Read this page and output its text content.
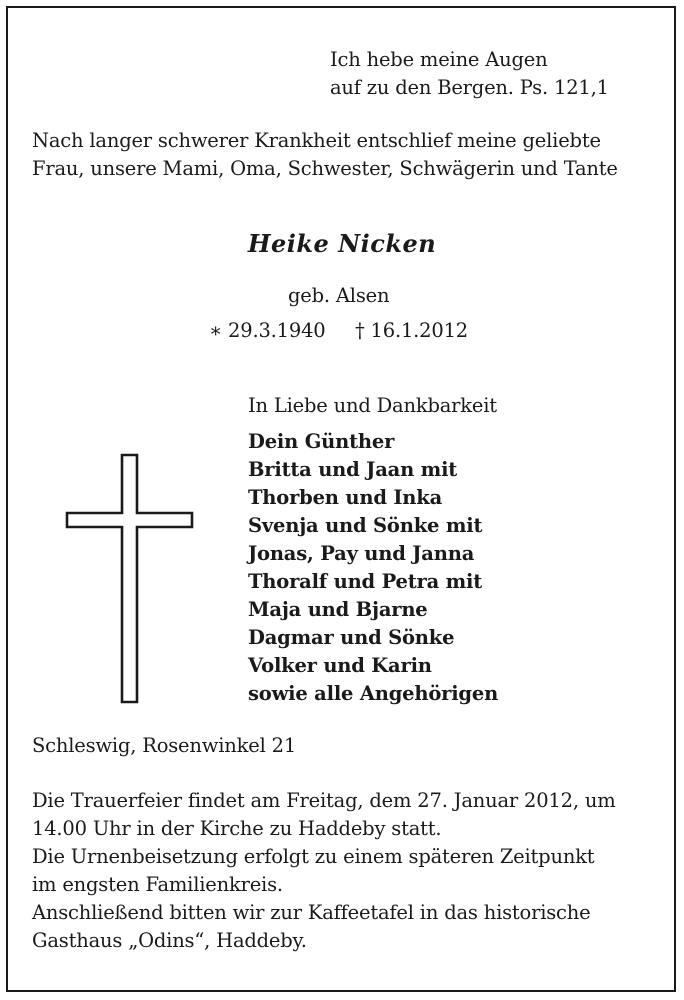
Ich hebe meine Augen
auf zu den Bergen. Ps. 121,1
Nach langer schwerer Krankheit entschlief meine geliebte
Frau, unsere Mami, Oma, Schwester, Schwägerin und Tante
Heike Nicken
geb. Alsen
∗ 29.3.1940 † 16.1.2012
In Liebe und Dankbarkeit
Dein Günther
Britta und Jaan mit
Thorben und Inka
Svenja und Sönke mit
Jonas, Pay und Janna
Thoralf und Petra mit
Maja und Bjarne
Dagmar und Sönke
Volker und Karin
sowie alle Angehörigen
Schleswig, Rosenwinkel 21
Die Trauerfeier findet am Freitag, dem 27. Januar 2012, um
14.00 Uhr in der Kirche zu Haddeby statt.
Die Urnenbeisetzung erfolgt zu einem späteren Zeitpunkt
im engsten Familienkreis.
Anschließend bitten wir zur Kaffeetafel in das historische
Gasthaus „Odins“, Haddeby.
